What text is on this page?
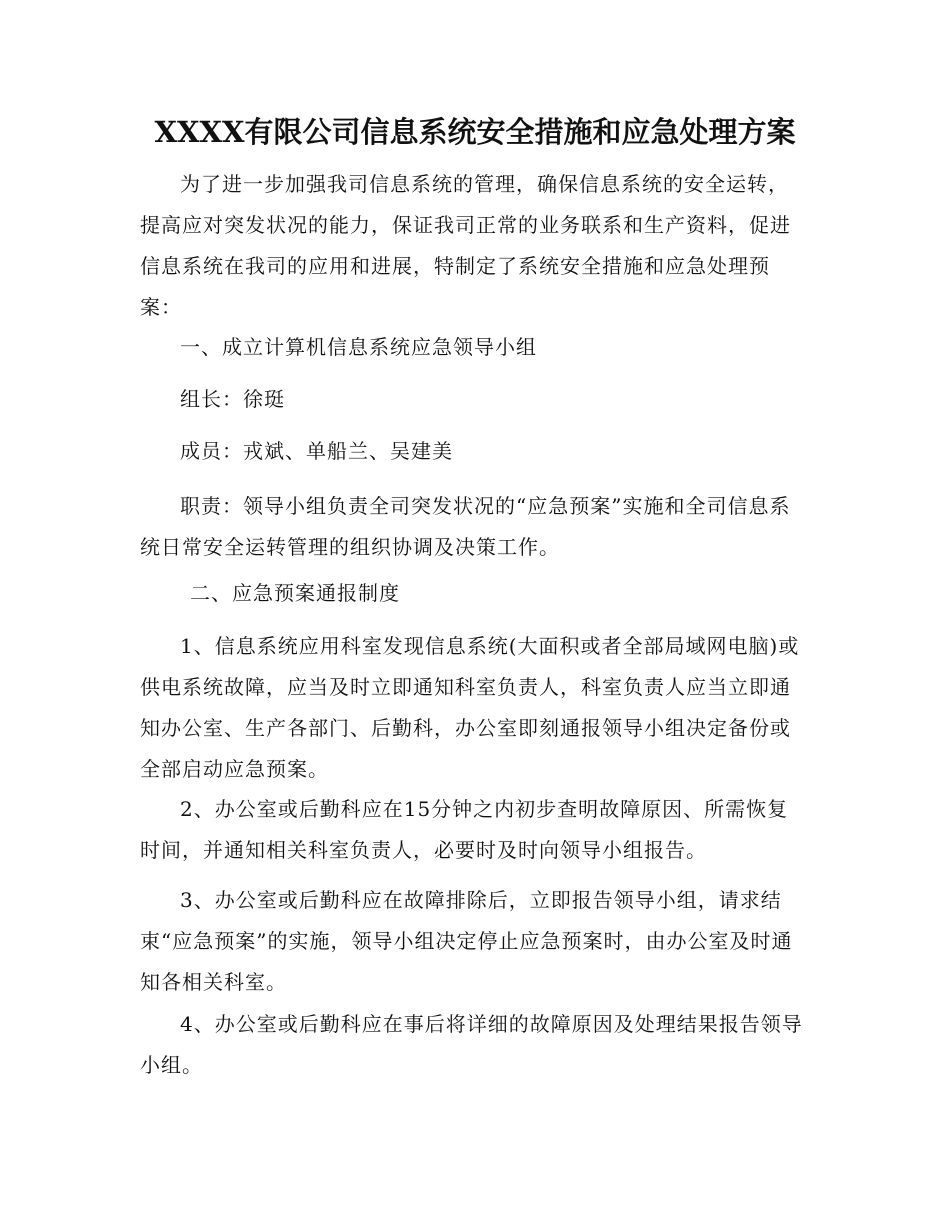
XXXX有限公司信息系统安全措施和应急处理方案

为了进一步加强我司信息系统的管理，确保信息系统的安全运转，提高应对突发状况的能力，保证我司正常的业务联系和生产资料，促进信息系统在我司的应用和进展，特制定了系统安全措施和应急处理预案：

一、成立计算机信息系统应急领导小组

组长：徐珽

成员：戎斌、单船兰、吴建美

职责：领导小组负责全司突发状况的“应急预案”实施和全司信息系统日常安全运转管理的组织协调及决策工作。

二、应急预案通报制度

1、信息系统应用科室发现信息系统(大面积或者全部局域网电脑)或供电系统故障，应当及时立即通知科室负责人，科室负责人应当立即通知办公室、生产各部门、后勤科，办公室即刻通报领导小组决定备份或全部启动应急预案。

2、办公室或后勤科应在15分钟之内初步查明故障原因、所需恢复时间，并通知相关科室负责人，必要时及时向领导小组报告。

3、办公室或后勤科应在故障排除后，立即报告领导小组，请求结束“应急预案”的实施，领导小组决定停止应急预案时，由办公室及时通知各相关科室。

4、办公室或后勤科应在事后将详细的故障原因及处理结果报告领导小组。
